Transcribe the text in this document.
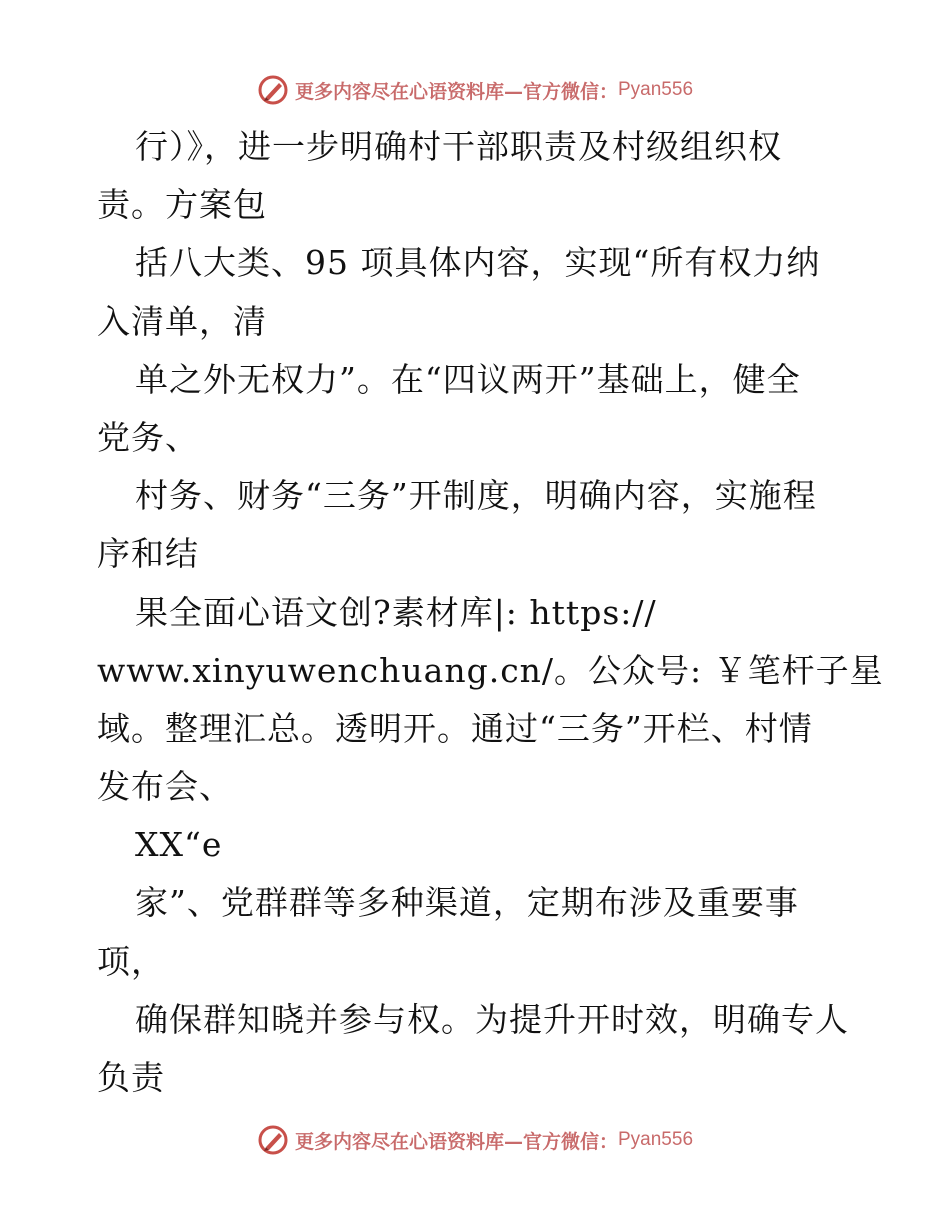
更多内容尽在心语资料库—官方微信： Pyan556
行）》，进一步明确村干部职责及村级组织权
责。方案包
括八大类、95 项具体内容，实现“所有权力纳
入清单，清
单之外无权力”。在“四议两开”基础上，健全
党务、
村务、财务“三务”开制度，明确内容，实施程
序和结
果全面心语文创?素材库|: https://
www.xinyuwenchuang.cn/。公众号: ￥笔杆子星
域。整理汇总。透明开。通过“三务”开栏、村情
发布会、
XX“e
家”、党群群等多种渠道，定期布涉及重要事
项，
确保群知晓并参与权。为提升开时效，明确专人
负责
更多内容尽在心语资料库—官方微信： Pyan556
